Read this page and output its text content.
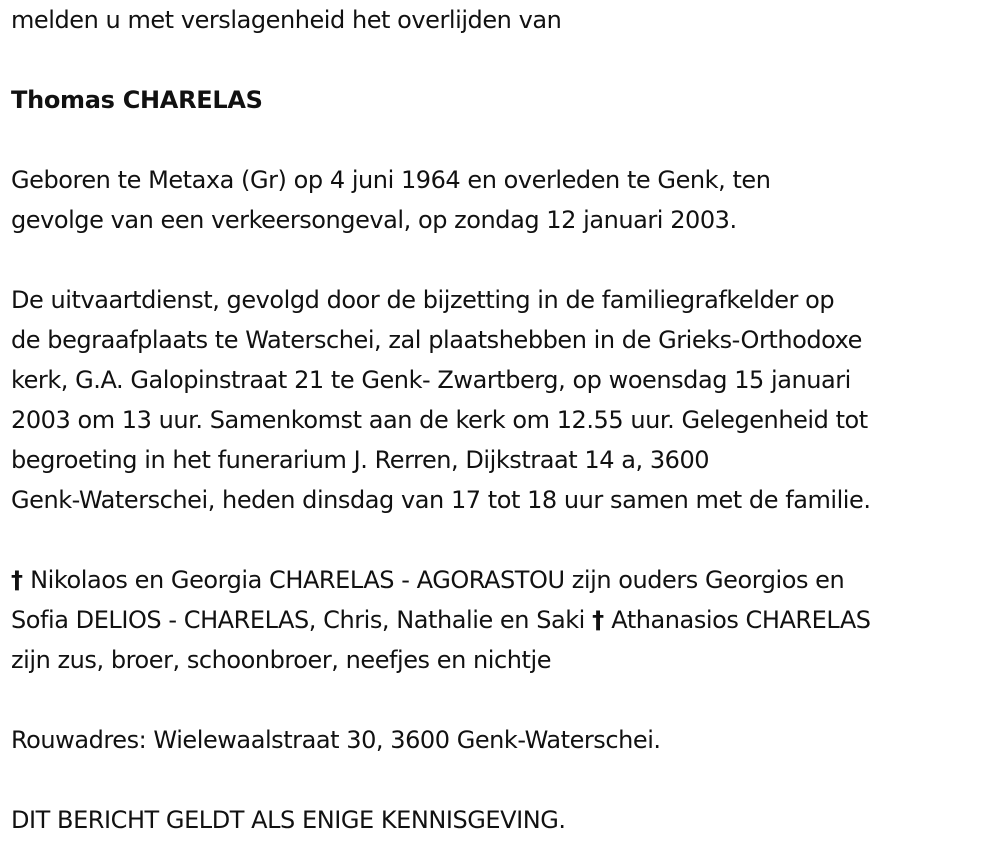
melden u met verslagenheid het overlijden van
Thomas CHARELAS
Geboren te Metaxa (Gr) op 4 juni 1964 en overleden te Genk, ten
gevolge van een verkeersongeval, op zondag 12 januari 2003.
De uitvaartdienst, gevolgd door de bijzetting in de familiegrafkelder op
de begraafplaats te Waterschei, zal plaatshebben in de Grieks-Orthodoxe
kerk, G.A. Galopinstraat 21 te Genk- Zwartberg, op woensdag 15 januari
2003 om 13 uur. Samenkomst aan de kerk om 12.55 uur. Gelegenheid tot
begroeting in het funerarium J. Rerren, Dijkstraat 14 a, 3600
Genk-Waterschei, heden dinsdag van 17 tot 18 uur samen met de familie.
† Nikolaos en Georgia CHARELAS - AGORASTOU zijn ouders Georgios en
Sofia DELIOS - CHARELAS, Chris, Nathalie en Saki † Athanasios CHARELAS
zijn zus, broer, schoonbroer, neefjes en nichtje
Rouwadres: Wielewaalstraat 30, 3600 Genk-Waterschei.
DIT BERICHT GELDT ALS ENIGE KENNISGEVING.
